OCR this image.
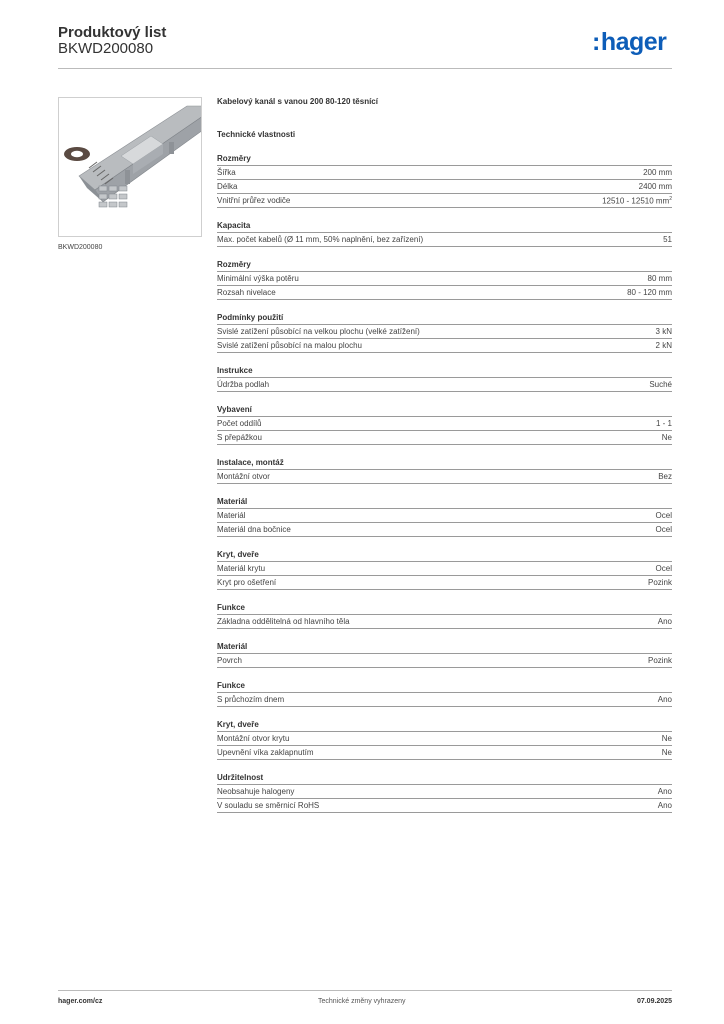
Produktový list
BKWD200080	:hager
BKWD200080
Kabelový kanál s vanou 200 80-120 těsnící
Technické vlastnosti
Rozměry
Šířka	200 mm
Délka	2400 mm
Vnitřní průřez vodiče	12510 - 12510 $mm^2$
Kapacita
Max. počet kabelů (Ø 11 mm, 50% naplnění, bez zařízení)	51
Rozměry
Minimální výška potěru	80 mm
Rozsah nivelace	80 - 120 mm
Podmínky použití
Svislé zatížení působící na velkou plochu (velké zatížení)	3 kN
Svislé zatížení působící na malou plochu	2 kN
Instrukce
Údržba podlah	Suché
Vybavení
Počet oddílů	1 - 1
S přepážkou	Ne
Instalace, montáž
Montážní otvor	Bez
Materiál
Materiál	Ocel
Materiál dna bočnice	Ocel
Kryt, dveře
Materiál krytu	Ocel
Kryt pro ošetření	Pozink
Funkce
Základna oddělitelná od hlavního těla	Ano
Materiál
Povrch	Pozink
Funkce
S průchozím dnem	Ano
Kryt, dveře
Montážní otvor krytu	Ne
Upevnění víka zaklapnutím	Ne
Udržitelnost
Neobsahuje halogeny	Ano
V souladu se směrnicí RoHS	Ano
hager.com/cz	Technické změny vyhrazeny	07.09.2025
